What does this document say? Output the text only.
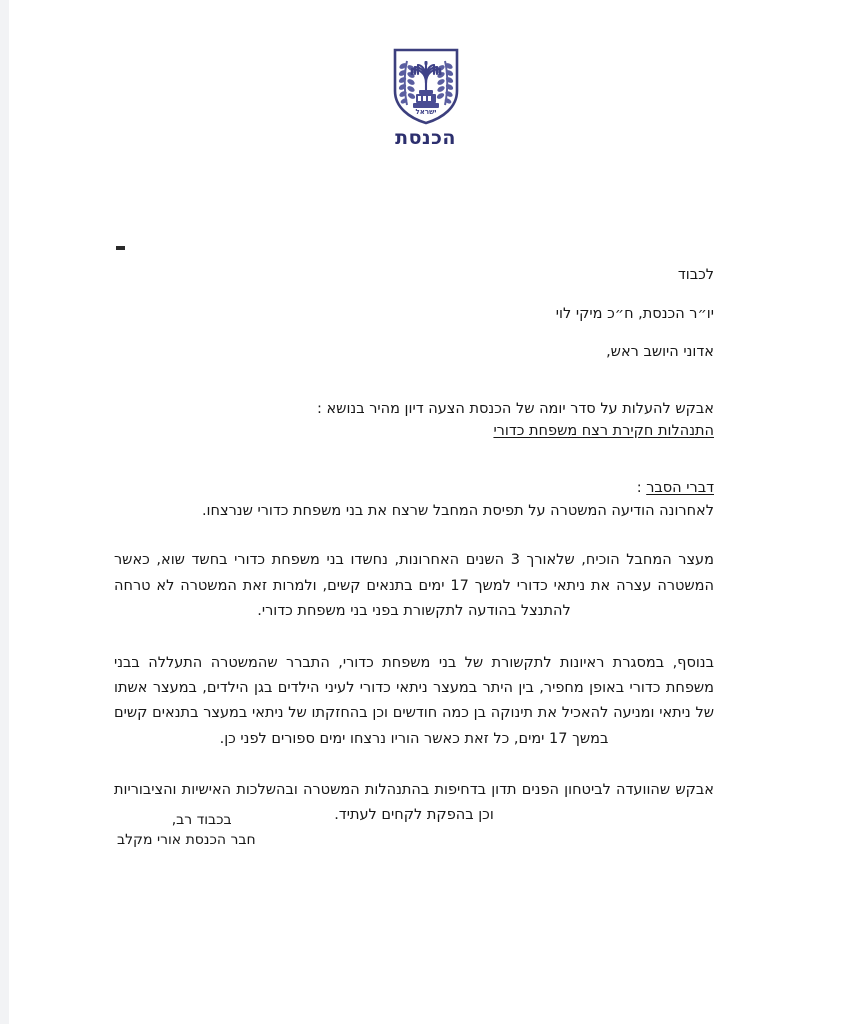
ישראל
הכנסת

לכבוד

יו״ר הכנסת, ח״כ מיקי לוי

אדוני היושב ראש,

אבקש להעלות על סדר יומה של הכנסת הצעה דיון מהיר בנושא :
התנהלות חקירת רצח משפחת כדורי
דברי הסבר :
לאחרונה הודיעה המשטרה על תפיסת המחבל שרצח את בני משפחת כדורי שנרצחו.

מעצר המחבל הוכיח, שלאורך 3 השנים האחרונות, נחשדו בני משפחת כדורי בחשד שוא, כאשר המשטרה עצרה את ניתאי כדורי למשך 17 ימים בתנאים קשים, ולמרות זאת המשטרה לא טרחה להתנצל בהודעה לתקשורת בפני בני משפחת כדורי.

בנוסף, במסגרת ראיונות לתקשורת של בני משפחת כדורי, התברר שהמשטרה התעללה בבני משפחת כדורי באופן מחפיר, בין היתר במעצר ניתאי כדורי לעיני הילדים בגן הילדים, במעצר אשתו של ניתאי ומניעה להאכיל את תינוקה בן כמה חודשים וכן בהחזקתו של ניתאי במעצר בתנאים קשים במשך 17 ימים, כל זאת כאשר הוריו נרצחו ימים ספורים לפני כן.

אבקש שהוועדה לביטחון הפנים תדון בדחיפות בהתנהלות המשטרה ובהשלכות האישיות והציבוריות וכן בהפקת לקחים לעתיד.

בכבוד רב,

חבר הכנסת אורי מקלב
